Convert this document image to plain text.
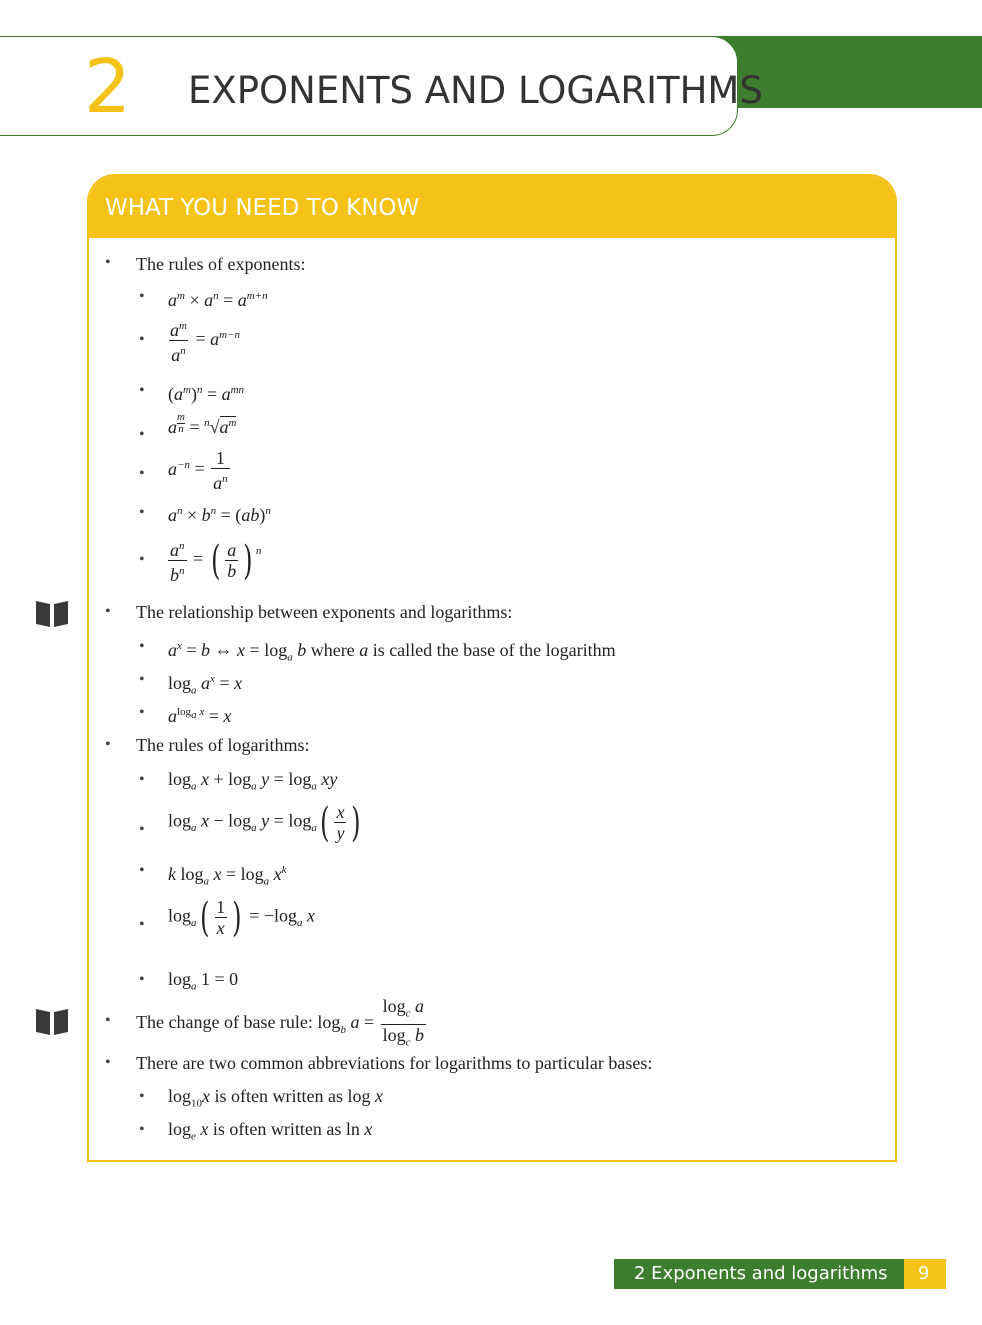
2 EXPONENTS AND LOGARITHMS
WHAT YOU NEED TO KNOW
• The rules of exponents:
• $a^m \times a^n = a^{m+n}$
• $\frac{a^m}{a^n} = a^{m-n}$
• $(a^m)^n = a^{mn}$
• a $\frac{m}{n} = ^n√a^m$
• $a^{-n} = \frac{1}{a^n}$
• $a^n \times b^n = (ab)^n$
• $\frac{a^n}{b^n}$ = ( $\frac{a}{b}$ ) $^n$
• The relationship between exponents and logarithms:
• $a^x = b$ ⇔ $x = \log_a b$ where a is called the base of the logarithm
• $\log_a a^x = x$
• $a^{log_a x} = x$
• The rules of logarithms:
• $\log_a x + \log_a y = \log_a$ xy
• $\log_a x - \log_a y = \log_a$ ( $\frac{x}{y}$ )
• k $\log_a x = \log_a x^k$
• $\log_a$ ( $\frac{1}{x}$ ) = $-\log_a$ x
• $\log_a 1 = 0$
• The change of base rule: $\log_b a = \frac{\log_c a}{\log_c b}$
• There are two common abbreviations for logarithms to particular bases:
• $\log_{10}x$ is often written as log x
• $\log_e x$ is often written as ln x
2 Exponents and logarithms 9
